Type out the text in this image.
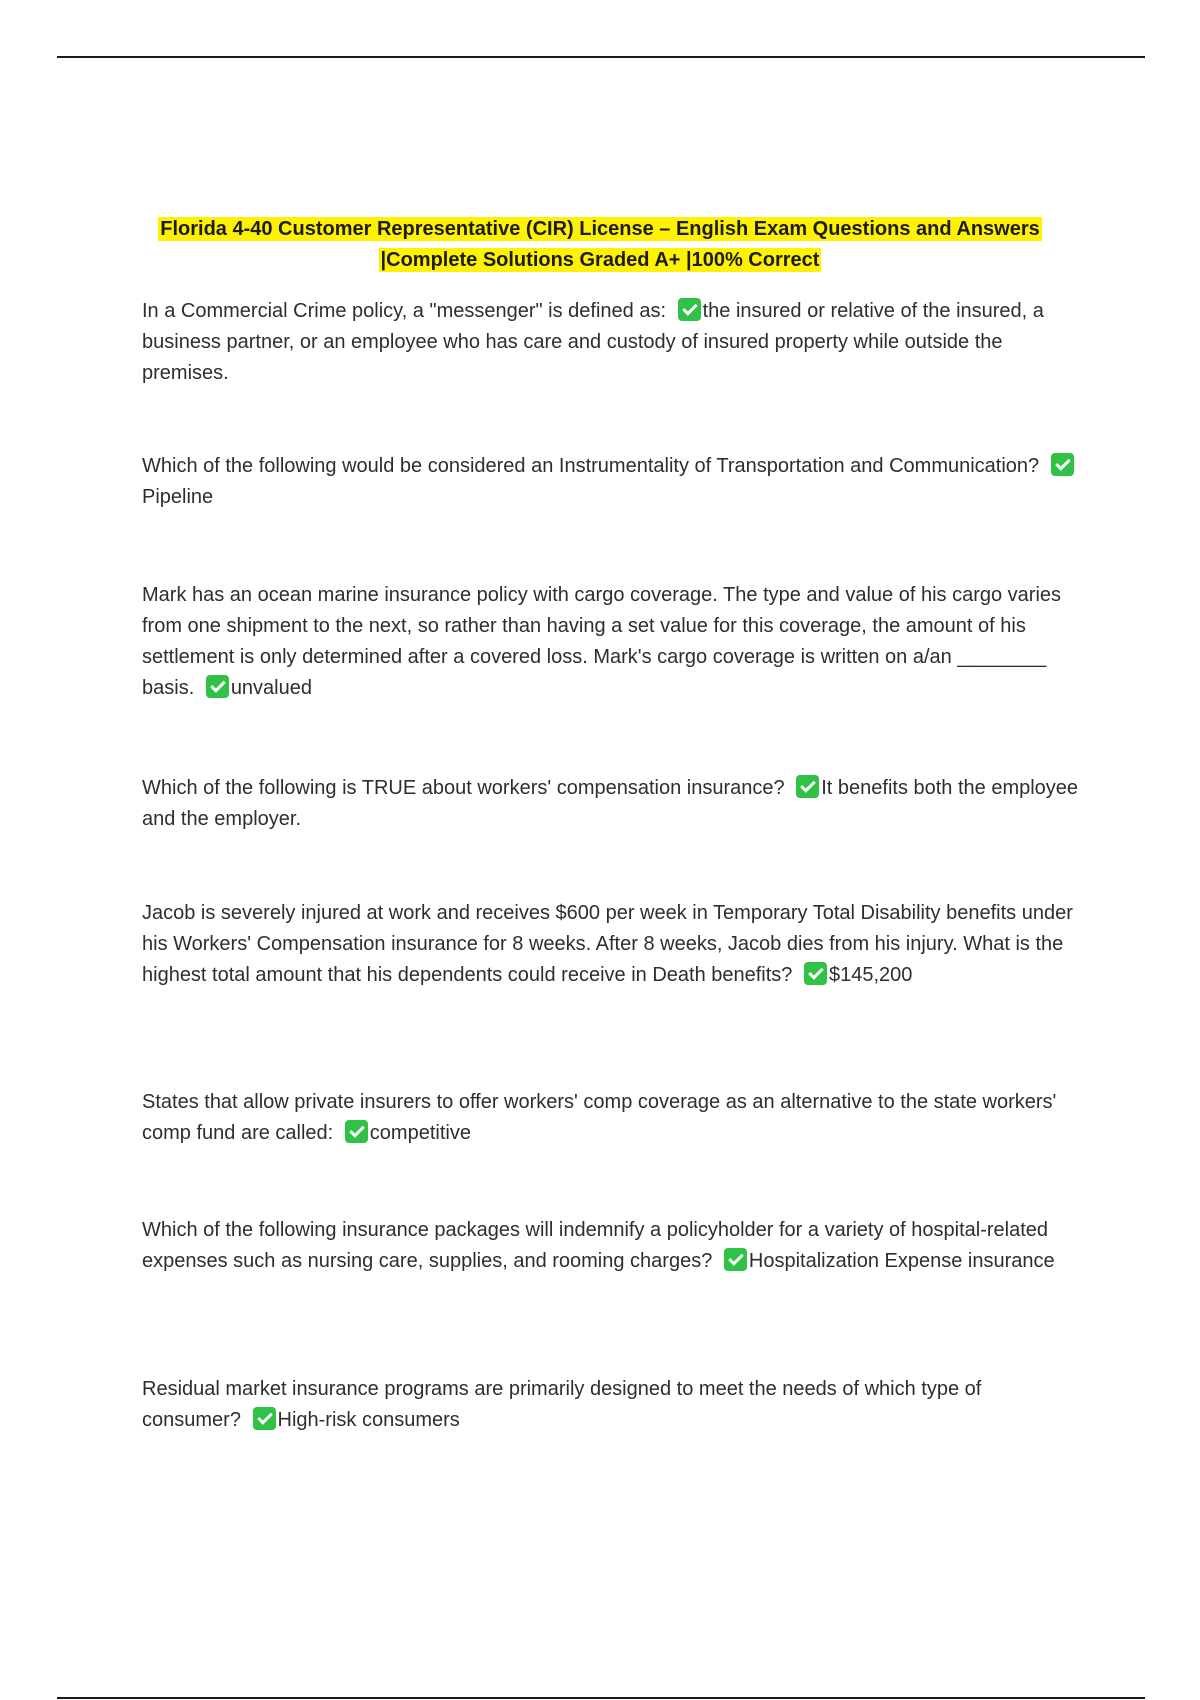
Florida 4-40 Customer Representative (CIR) License – English Exam Questions and Answers
|Complete Solutions Graded A+ |100% Correct
In a Commercial Crime policy, a "messenger" is defined as: the insured or relative of the insured, a business partner, or an employee who has care and custody of insured property while outside the premises.
Which of the following would be considered an Instrumentality of Transportation and Communication? Pipeline
Mark has an ocean marine insurance policy with cargo coverage. The type and value of his cargo varies from one shipment to the next, so rather than having a set value for this coverage, the amount of his settlement is only determined after a covered loss. Mark's cargo coverage is written on a/an ________ basis. unvalued
Which of the following is TRUE about workers' compensation insurance? It benefits both the employee and the employer.
Jacob is severely injured at work and receives $600 per week in Temporary Total Disability benefits under his Workers' Compensation insurance for 8 weeks. After 8 weeks, Jacob dies from his injury. What is the highest total amount that his dependents could receive in Death benefits? $145,200
States that allow private insurers to offer workers' comp coverage as an alternative to the state workers' comp fund are called: competitive
Which of the following insurance packages will indemnify a policyholder for a variety of hospital-related expenses such as nursing care, supplies, and rooming charges? Hospitalization Expense insurance
Residual market insurance programs are primarily designed to meet the needs of which type of consumer? High-risk consumers
